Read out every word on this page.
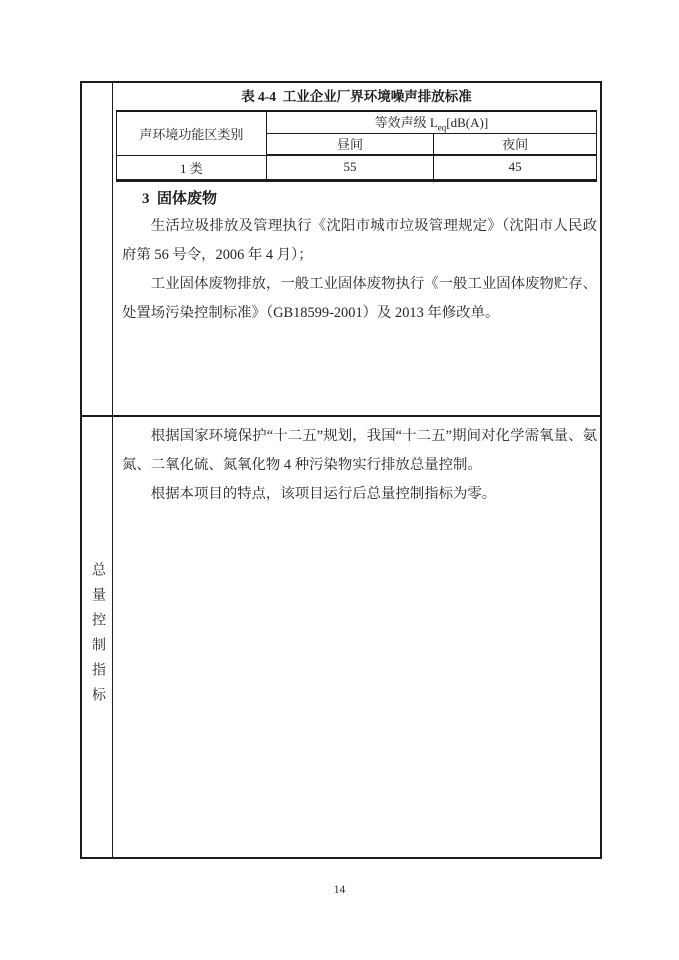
表 4-4  工业企业厂界环境噪声排放标准
声环境功能区类别	等效声级 $L_{eq}[dB(A)]$	
	昼间	夜间
1 类	55	45
3  固体废物

生活垃圾排放及管理执行《沈阳市城市垃圾管理规定》（沈阳市人民政府第 56 号令，2006 年 4 月）；

工业固体废物排放，一般工业固体废物执行《一般工业固体废物贮存、处置场污染控制标准》（GB18599-2001）及 2013 年修改单。

总量控制指标

根据国家环境保护“十二五”规划，我国“十二五”期间对化学需氧量、氨氮、二氧化硫、氮氧化物 4 种污染物实行排放总量控制。

根据本项目的特点，该项目运行后总量控制指标为零。

14
